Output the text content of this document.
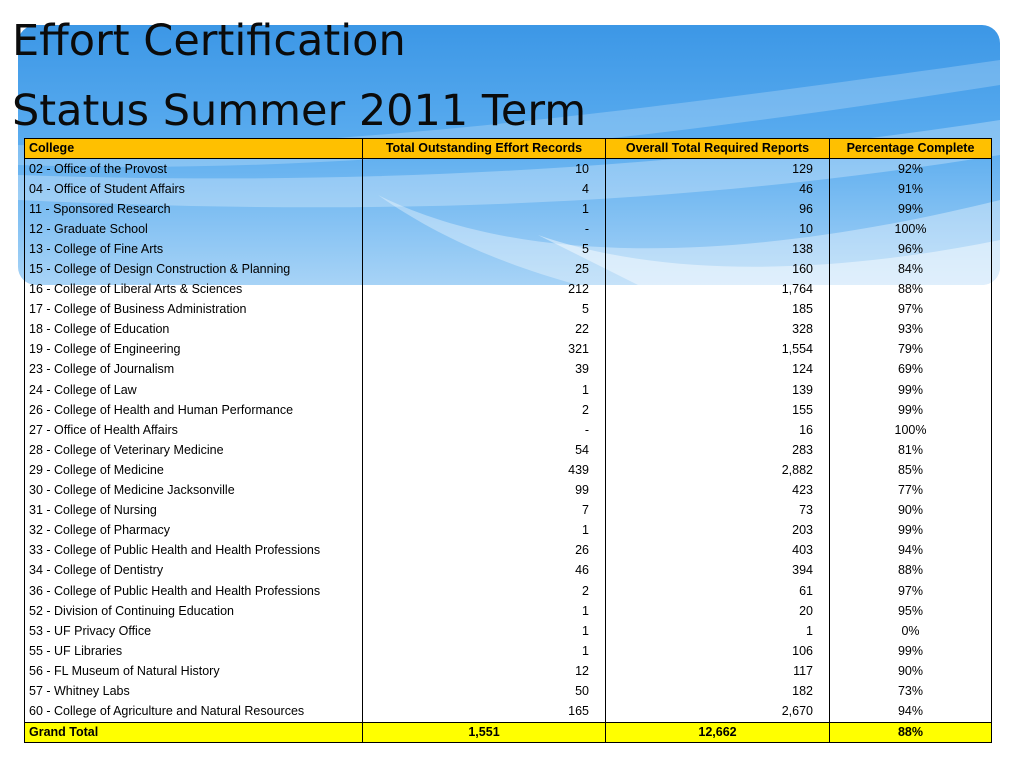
Effort Certification
Status Summer 2011 Term
College	Total Outstanding Effort Records	Overall Total Required Reports	Percentage Complete
02 - Office of the Provost	10	129	92%
04 - Office of Student Affairs	4	46	91%
11 - Sponsored Research	1	96	99%
12 - Graduate School	-	10	100%
13 - College of Fine Arts	5	138	96%
15 - College of Design Construction & Planning	25	160	84%
16 - College of Liberal Arts & Sciences	212	1,764	88%
17 - College of Business Administration	5	185	97%
18 - College of Education	22	328	93%
19 - College of Engineering	321	1,554	79%
23 - College of Journalism	39	124	69%
24 - College of Law	1	139	99%
26 - College of Health and Human Performance	2	155	99%
27 - Office of Health Affairs	-	16	100%
28 - College of Veterinary Medicine	54	283	81%
29 - College of Medicine	439	2,882	85%
30 - College of Medicine Jacksonville	99	423	77%
31 - College of Nursing	7	73	90%
32 - College of Pharmacy	1	203	99%
33 - College of Public Health and Health Professions	26	403	94%
34 - College of Dentistry	46	394	88%
36 - College of Public Health and Health Professions	2	61	97%
52 - Division of Continuing Education	1	20	95%
53 - UF Privacy Office	1	1	0%
55 - UF Libraries	1	106	99%
56 - FL Museum of Natural History	12	117	90%
57 - Whitney Labs	50	182	73%
60 - College of Agriculture and Natural Resources	165	2,670	94%
Grand Total	1,551	12,662	88%
